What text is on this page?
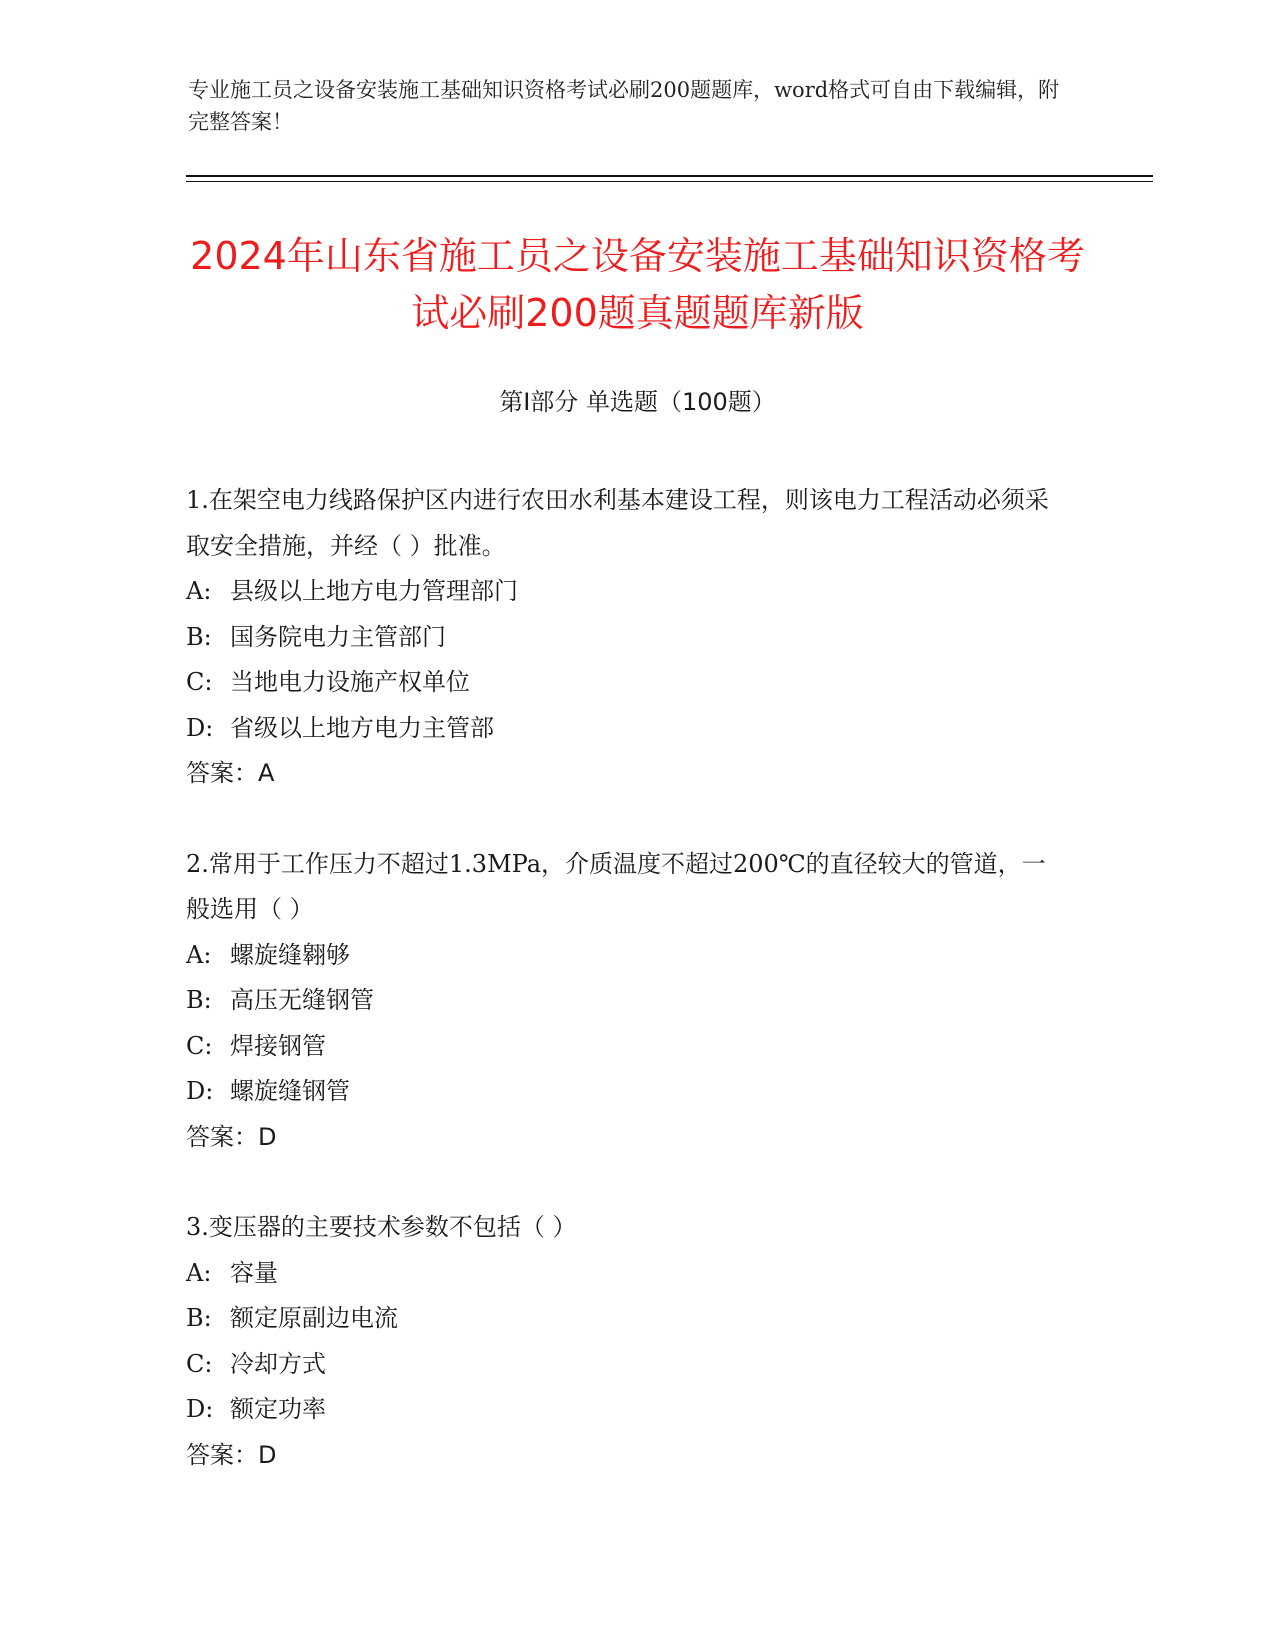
专业施工员之设备安装施工基础知识资格考试必刷200题题库，word格式可自由下载编辑，附完整答案！
2024年山东省施工员之设备安装施工基础知识资格考试必刷200题真题题库新版
第I部分 单选题（100题）

1.在架空电力线路保护区内进行农田水利基本建设工程，则该电力工程活动必须采取安全措施，并经（ ）批准。

A: 县级以上地方电力管理部门

B: 国务院电力主管部门

C: 当地电力设施产权单位

D: 省级以上地方电力主管部

答案：A

2.常用于工作压力不超过1.3MPa，介质温度不超过200℃的直径较大的管道，一般选用（ ）

A: 螺旋缝翱够

B: 高压无缝钢管

C: 焊接钢管

D: 螺旋缝钢管

答案：D

3.变压器的主要技术参数不包括（ ）

A: 容量

B: 额定原副边电流

C: 冷却方式

D: 额定功率

答案：D
